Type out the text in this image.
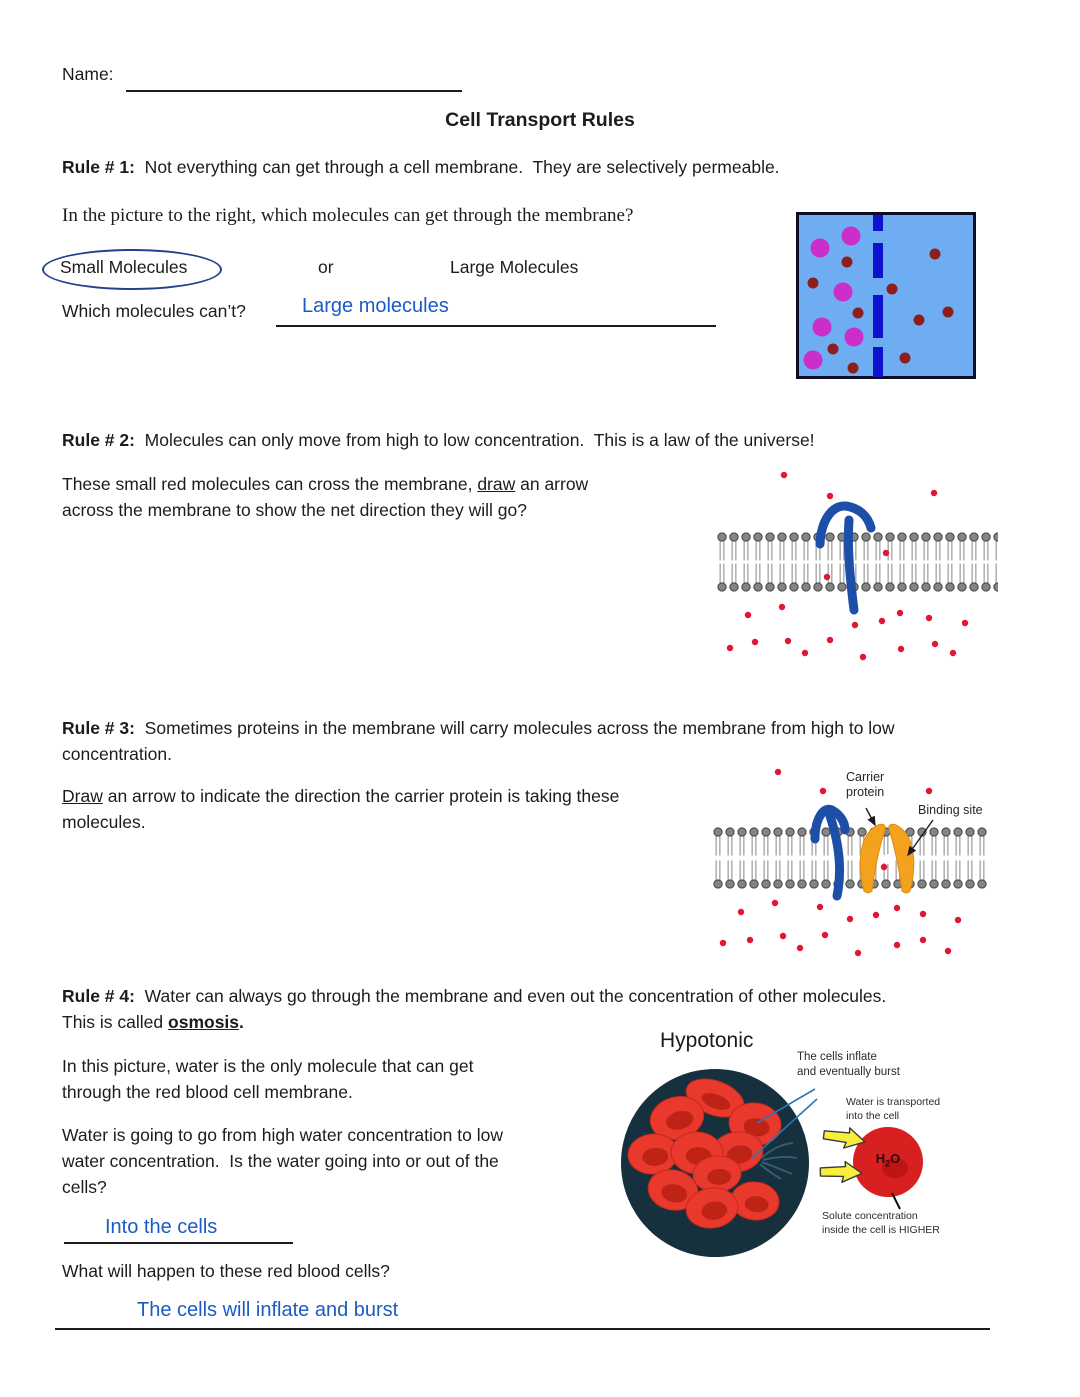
Name:
Cell Transport Rules
Rule # 1:  Not everything can get through a cell membrane.  They are selectively permeable.
In the picture to the right, which molecules can get through the membrane?
Small Molecules	or	Large Molecules
Which molecules can’t?	Large molecules
Rule # 2:  Molecules can only move from high to low concentration.  This is a law of the universe!
These small red molecules can cross the membrane, draw an arrow
across the membrane to show the net direction they will go?
Rule # 3:  Sometimes proteins in the membrane will carry molecules across the membrane from high to low
concentration.
Draw an arrow to indicate the direction the carrier protein is taking these
molecules.
Carrier
protein
Binding site
Rule # 4:  Water can always go through the membrane and even out the concentration of other molecules.
This is called osmosis.
Hypotonic
In this picture, water is the only molecule that can get
through the red blood cell membrane.
Water is going to go from high water concentration to low
water concentration.  Is the water going into or out of the
cells?
The cells inflate
and eventually burst
Water is transported
into the cell
$H_2O$
Solute concentration
inside the cell is HIGHER
Into the cells
What will happen to these red blood cells?
The cells will inflate and burst
